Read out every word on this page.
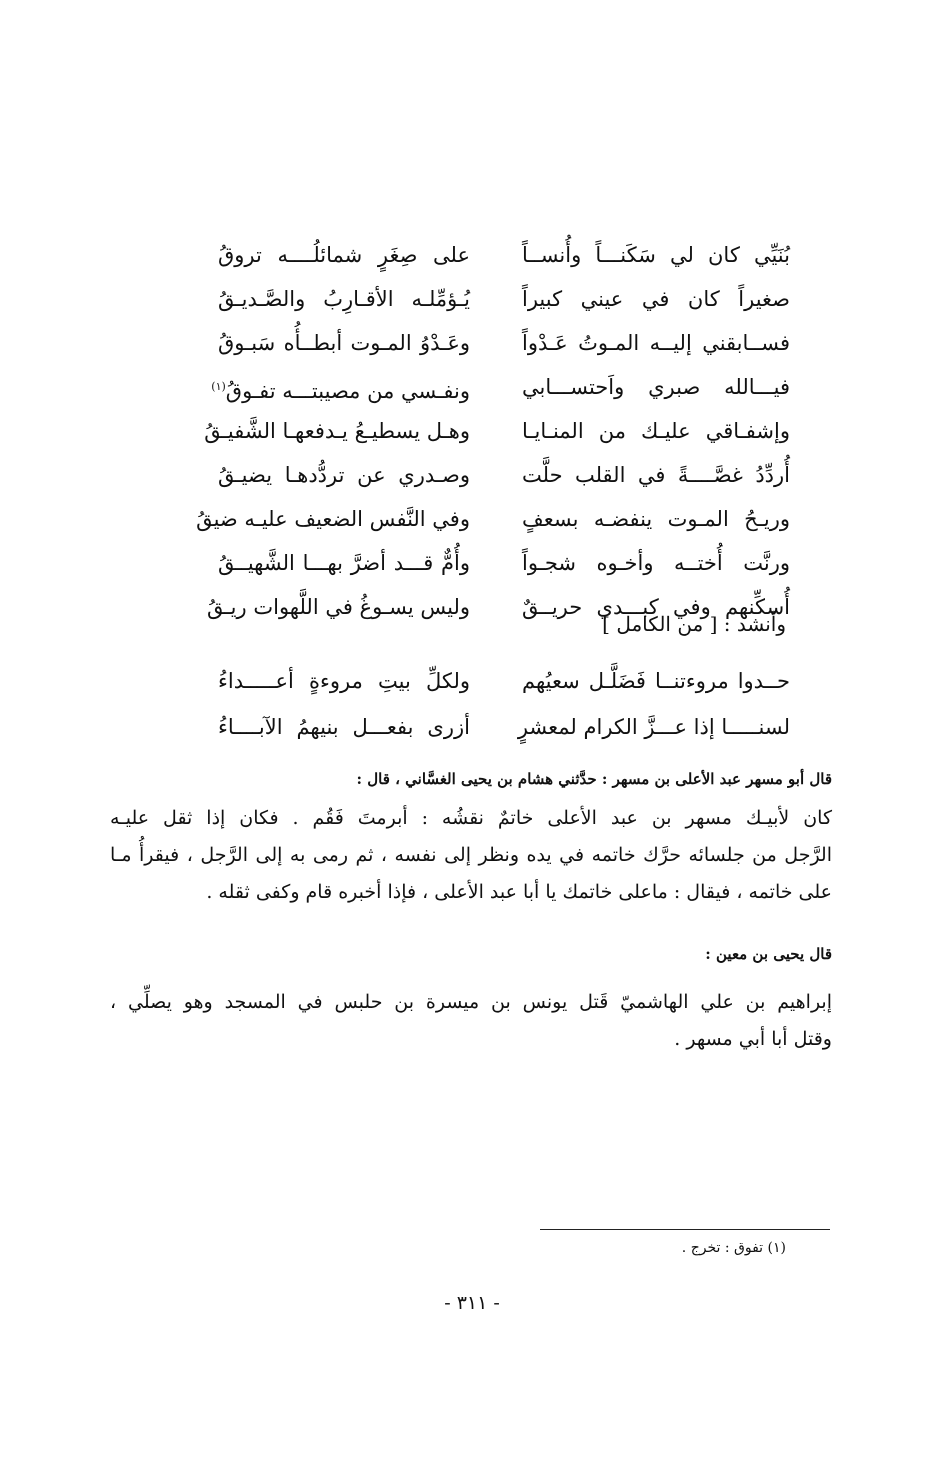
بُنَيِّي كان لي سَكَنـــاً وأُنســاً
على صِغَرٍ شمائلُــــه تروقُ
صغيراً كان في عيني كبيراً
يُـؤمِّلـه الأقـارِبُ والصَّـديـقُ
فســابقني إليــه المـوتُ عَـدْواً
وعَـدْوُ المـوت أبطــأُه سَبـوقُ
فيـــالله صبري واَحتســـابي
ونفـسي من مصيبتـــه تفـوقُ$^{(١)}$
وإشفـاقي عليـك من المنـايـا
وهـل يسطيـعُ يـدفعهـا الشَّفيـقُ
أُردِّدُ غصَّــــةً في القلب حلَّت
وصـدري عن تردُّدهـا يضيـقُ
وريـحُ المـوت ينفضـه بسعفٍ
وفي النَّفس الضعيف عليـه ضيقُ
ورنَّت أُختــه وأخـوه شجـواً
وأُمٌّ قـــد أضرَّ بهـــا الشَّهيــقُ
أُسكِّنهم وفي كبـــدي حريــقٌ
وليس يسـوغُ في اللَّهوات ريـقُ
وأنشد : [ من الكامل ]
حــدوا مروءتنــا فَضَلَّـل سعيُهم
ولكلِّ بيتِ مروءةٍ أعـــــداءُ
لسنـــــا إذا عـــزَّ الكرام لمعشرٍ
أزرى بفعـــل بنيهمُ الآبــــاءُ
قال أبو مسهر عبد الأعلى بن مسهر : حدَّثني هشام بن يحيى الغسَّاني ، قال :
كان لأبيـك مسهر بن عبد الأعلى خاتمٌ نقشُه : أبرمتَ فَقُم . فكان إذا ثقل عليـه
الرَّجل من جلسائه حرَّك خاتمه في يده ونظر إلى نفسه ، ثم رمى به إلى الرَّجل ، فيقرأُ مـا
على خاتمه ، فيقال : ماعلى خاتمك يا أبا عبد الأعلى ، فإذا أخبره قام وكفى ثقله .
قال يحيى بن معين :
إبراهيم بن علي الهاشميّ قَتل يونس بن ميسرة بن حلبس في المسجد وهو يصلِّي ،
وقتل أبا أبي مسهر .
(١) تفوق : تخرج .
- ٣١١ -
